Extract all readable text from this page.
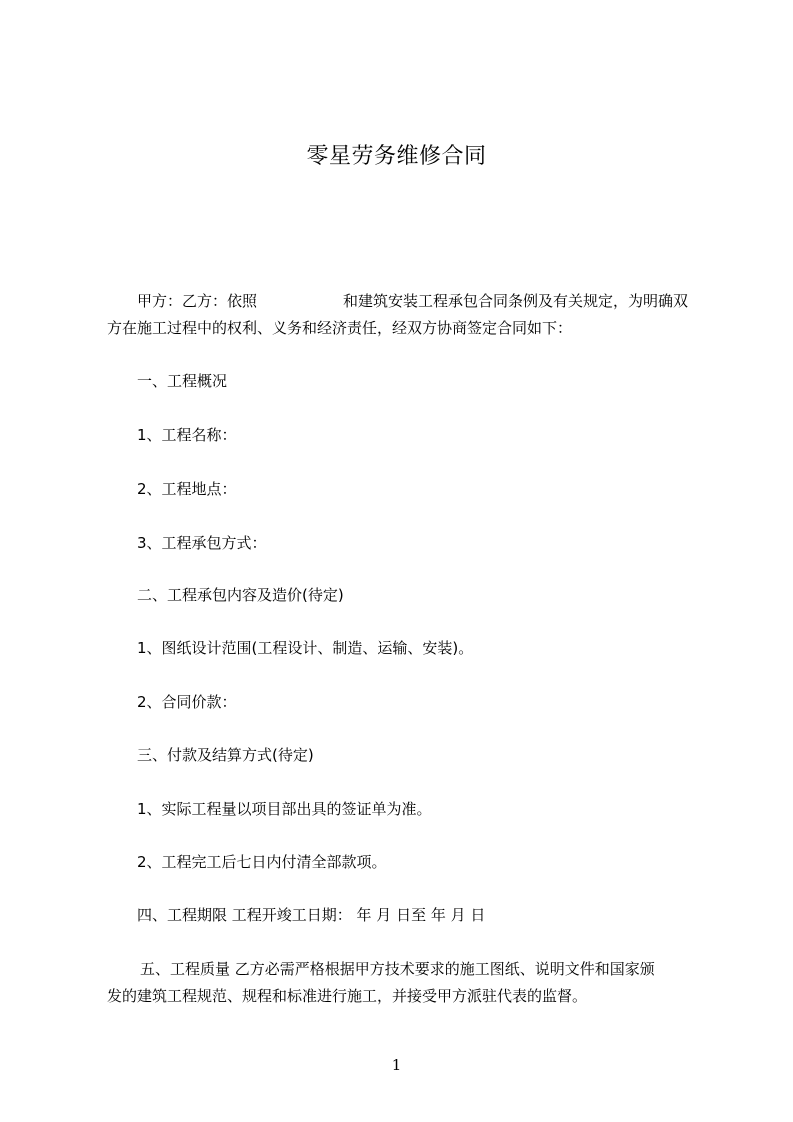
零星劳务维修合同
甲方：乙方：依照	和建筑安装工程承包合同条例及有关规定，为明确双
方在施工过程中的权利、义务和经济责任，经双方协商签定合同如下：
一、工程概况
1、工程名称：
2、工程地点：
3、工程承包方式：
二、工程承包内容及造价(待定)
1、图纸设计范围(工程设计、制造、运输、安装)。
2、合同价款：
三、付款及结算方式(待定)
1、实际工程量以项目部出具的签证单为准。
2、工程完工后七日内付清全部款项。
四、工程期限 工程开竣工日期： 年 月 日至 年 月 日
五、工程质量 乙方必需严格根据甲方技术要求的施工图纸、说明文件和国家颁
发的建筑工程规范、规程和标准进行施工，并接受甲方派驻代表的监督。
1
